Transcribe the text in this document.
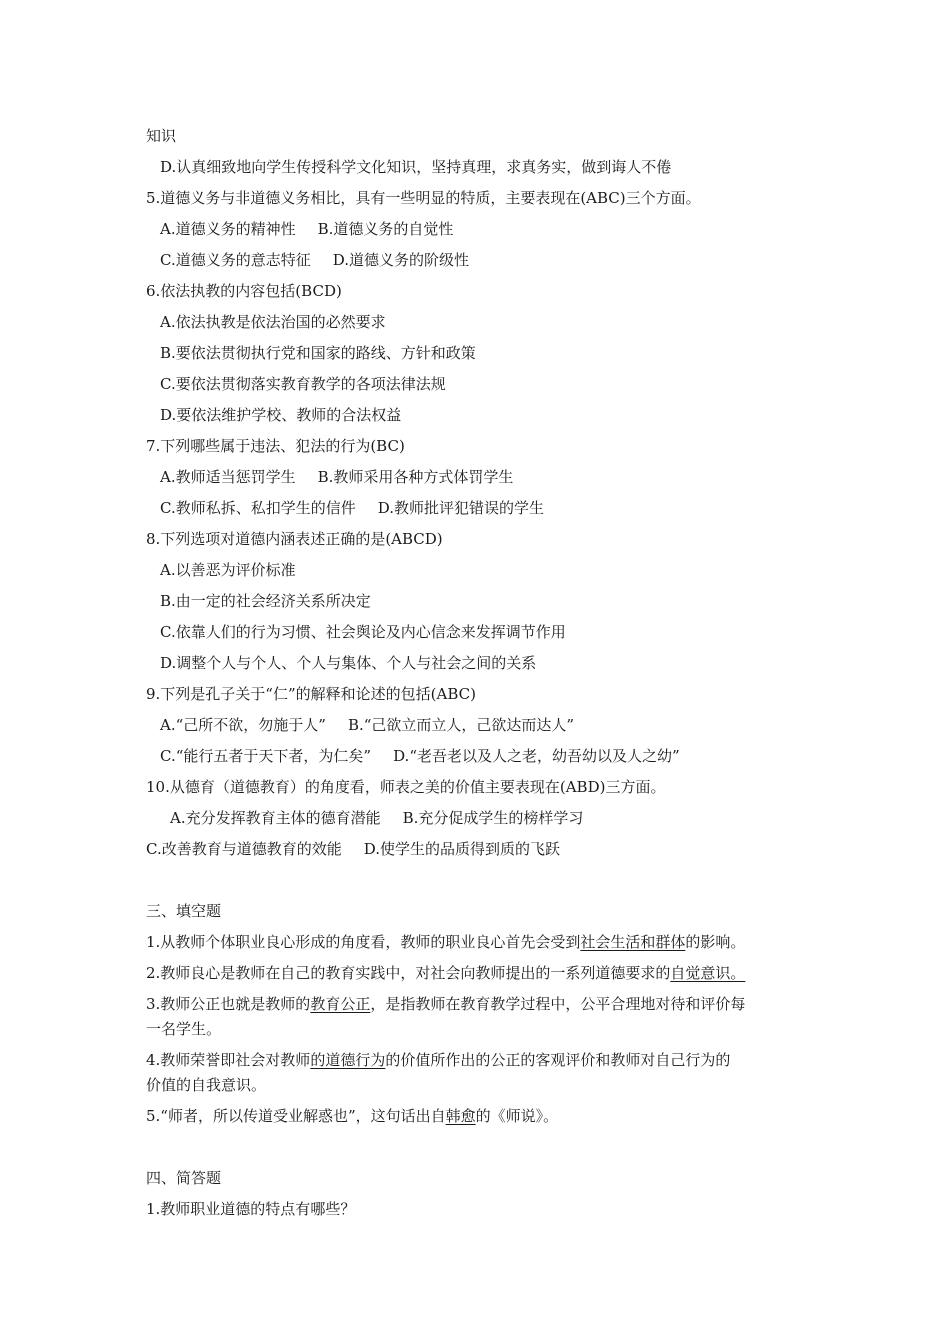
知识
D.认真细致地向学生传授科学文化知识，坚持真理，求真务实，做到诲人不倦
5.道德义务与非道德义务相比，具有一些明显的特质，主要表现在(ABC)三个方面。
A.道德义务的精神性 B.道德义务的自觉性
C.道德义务的意志特征 D.道德义务的阶级性
6.依法执教的内容包括(BCD)
A.依法执教是依法治国的必然要求
B.要依法贯彻执行党和国家的路线、方针和政策
C.要依法贯彻落实教育教学的各项法律法规
D.要依法维护学校、教师的合法权益
7.下列哪些属于违法、犯法的行为(BC)
A.教师适当惩罚学生 B.教师采用各种方式体罚学生
C.教师私拆、私扣学生的信件 D.教师批评犯错误的学生
8.下列选项对道德内涵表述正确的是(ABCD)
A.以善恶为评价标准
B.由一定的社会经济关系所决定
C.依靠人们的行为习惯、社会舆论及内心信念来发挥调节作用
D.调整个人与个人、个人与集体、个人与社会之间的关系
9.下列是孔子关于“仁”的解释和论述的包括(ABC)
A.“己所不欲，勿施于人” B.“己欲立而立人，己欲达而达人”
C.“能行五者于天下者，为仁矣” D.“老吾老以及人之老，幼吾幼以及人之幼”
10.从德育（道德教育）的角度看，师表之美的价值主要表现在(ABD)三方面。
A.充分发挥教育主体的德育潜能 B.充分促成学生的榜样学习
C.改善教育与道德教育的效能 D.使学生的品质得到质的飞跃
三、填空题
1.从教师个体职业良心形成的角度看，教师的职业良心首先会受到社会生活和群体的影响。
2.教师良心是教师在自己的教育实践中，对社会向教师提出的一系列道德要求的自觉意识。
3.教师公正也就是教师的教育公正，是指教师在教育教学过程中，公平合理地对待和评价每
一名学生。
4.教师荣誉即社会对教师的道德行为的价值所作出的公正的客观评价和教师对自己行为的
价值的自我意识。
5.“师者，所以传道受业解惑也”，这句话出自韩愈的《师说》。
四、简答题
1.教师职业道德的特点有哪些？
